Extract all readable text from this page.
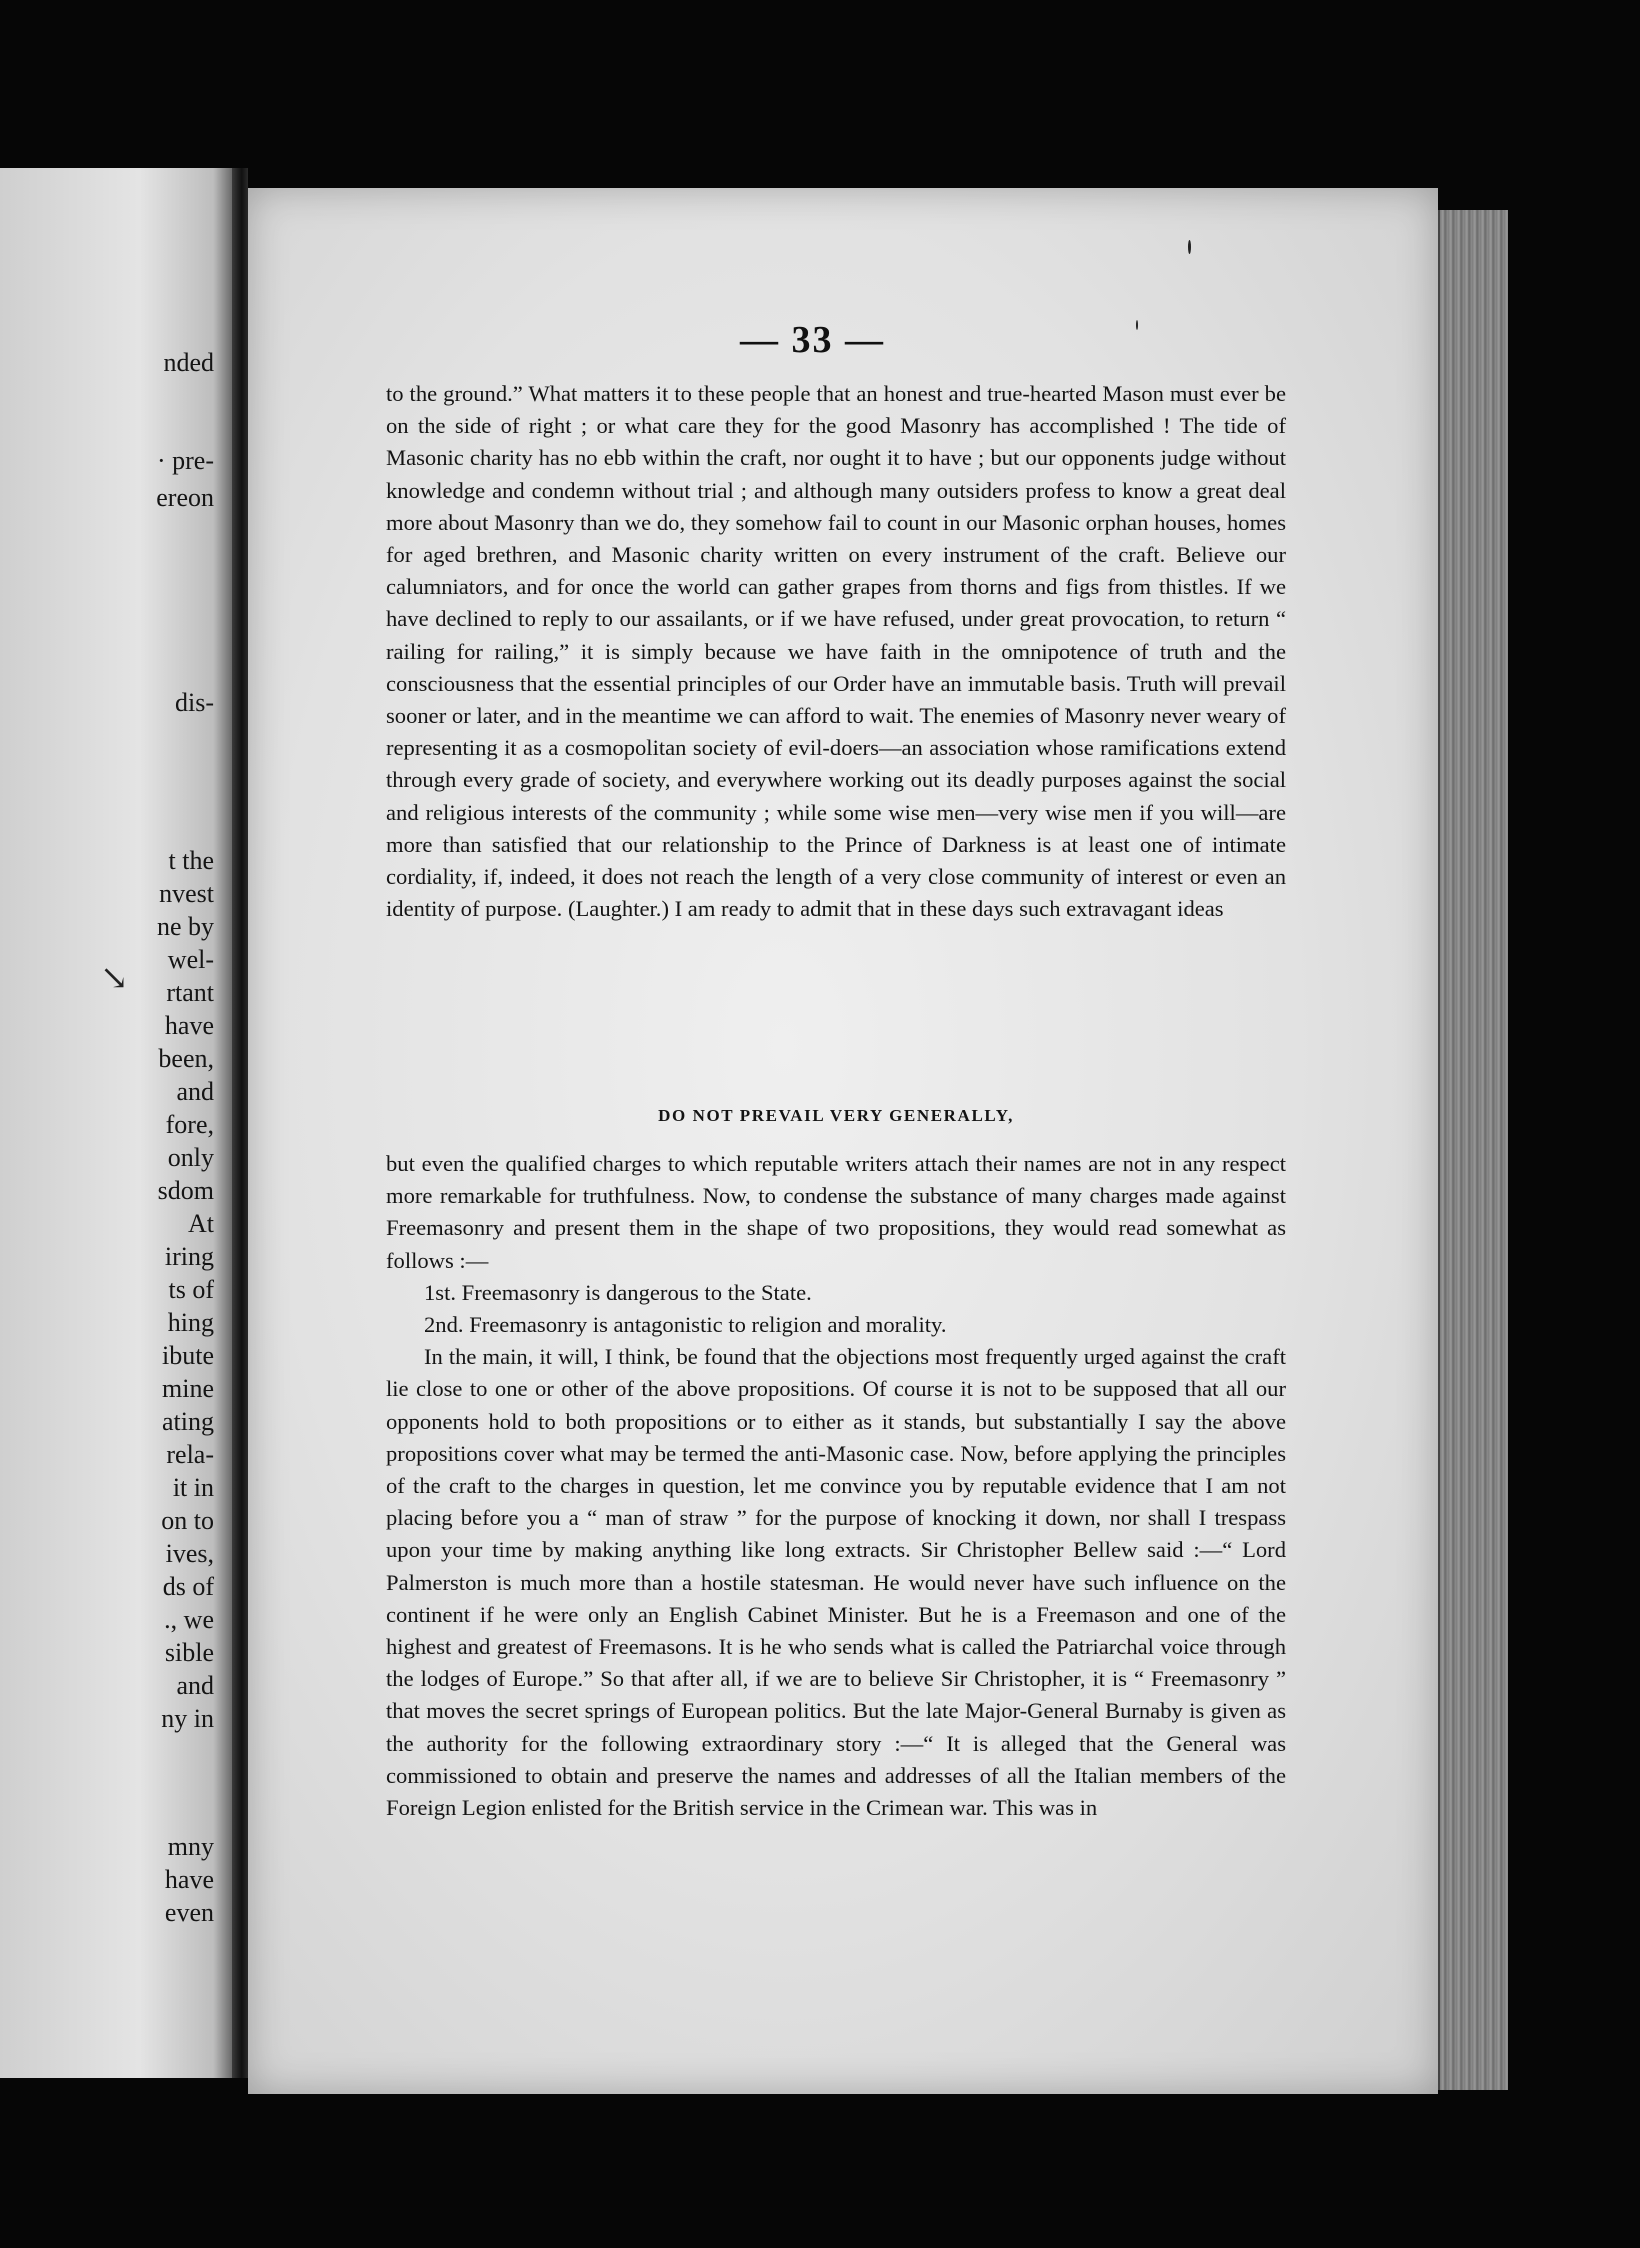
nded
· pre-
ereon
dis-
t the
nvest
ne by
wel-
rtant
have
been,
and
fore,
only
sdom
At
iring
ts of
hing
ibute
mine
ating
rela-
it in
on to
ives,
ds of
., we
sible
and
ny in
mny
have
even
↘
— 33 —

to the ground.” What matters it to these people that an honest and true-hearted Mason must ever be on the side of right ; or what care they for the good Masonry has accomplished ! The tide of Masonic charity has no ebb within the craft, nor ought it to have ; but our opponents judge without knowledge and condemn without trial ; and although many outsiders profess to know a great deal more about Masonry than we do, they somehow fail to count in our Masonic orphan houses, homes for aged brethren, and Masonic charity written on every instrument of the craft. Believe our calumniators, and for once the world can gather grapes from thorns and figs from thistles. If we have declined to reply to our assailants, or if we have refused, under great provocation, to return “ railing for railing,” it is simply because we have faith in the omnipotence of truth and the consciousness that the essential principles of our Order have an immutable basis. Truth will prevail sooner or later, and in the meantime we can afford to wait. The enemies of Masonry never weary of representing it as a cosmopolitan society of evil-doers—an association whose ramifications extend through every grade of society, and everywhere working out its deadly purposes against the social and religious interests of the community ; while some wise men—very wise men if you will—are more than satisfied that our relationship to the Prince of Darkness is at least one of intimate cordiality, if, indeed, it does not reach the length of a very close community of interest or even an identity of purpose. (Laughter.) I am ready to admit that in these days such extravagant ideas

DO NOT PREVAIL VERY GENERALLY,

but even the qualified charges to which reputable writers attach their names are not in any respect more remarkable for truthfulness. Now, to condense the substance of many charges made against Freemasonry and present them in the shape of two propositions, they would read somewhat as follows :—

1st. Freemasonry is dangerous to the State.

2nd. Freemasonry is antagonistic to religion and morality.

In the main, it will, I think, be found that the objections most frequently urged against the craft lie close to one or other of the above propositions. Of course it is not to be supposed that all our opponents hold to both propositions or to either as it stands, but substantially I say the above propositions cover what may be termed the anti-Masonic case. Now, before applying the principles of the craft to the charges in question, let me convince you by reputable evidence that I am not placing before you a “ man of straw ” for the purpose of knocking it down, nor shall I trespass upon your time by making anything like long extracts. Sir Christopher Bellew said :—“ Lord Palmerston is much more than a hostile statesman. He would never have such influence on the continent if he were only an English Cabinet Minister. But he is a Freemason and one of the highest and greatest of Freemasons. It is he who sends what is called the Patriarchal voice through the lodges of Europe.” So that after all, if we are to believe Sir Christopher, it is “ Freemasonry ” that moves the secret springs of European politics. But the late Major-General Burnaby is given as the authority for the following extraordinary story :—“ It is alleged that the General was commissioned to obtain and preserve the names and addresses of all the Italian members of the Foreign Legion enlisted for the British service in the Crimean war. This was in
